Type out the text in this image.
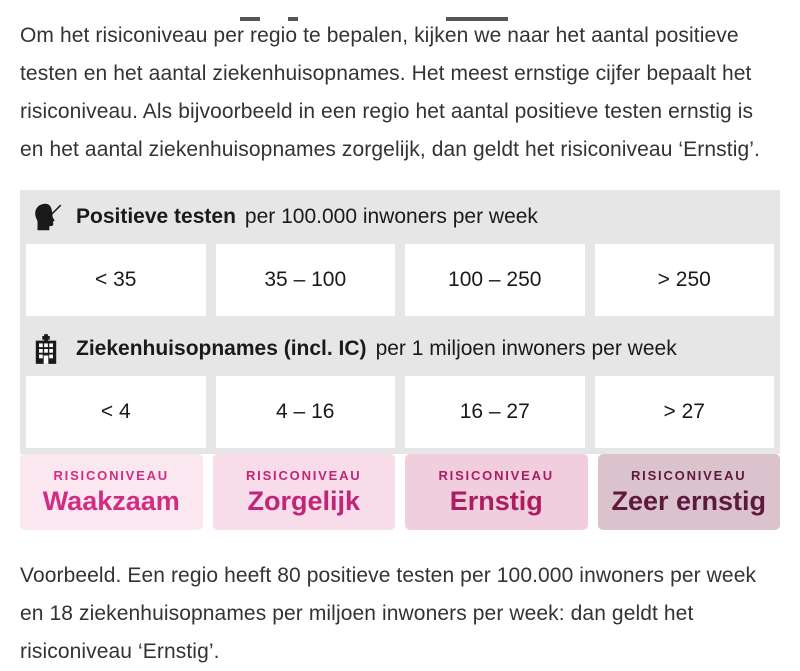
Om het risiconiveau per regio te bepalen, kijken we naar het aantal positieve testen en het aantal ziekenhuisopnames. Het meest ernstige cijfer bepaalt het risiconiveau. Als bijvoorbeeld in een regio het aantal positieve testen ernstig is en het aantal ziekenhuisopnames zorgelijk, dan geldt het risiconiveau ‘Ernstig’.

Positieve testen per 100.000 inwoners per week
< 35	35 – 100	100 – 250	> 250
Ziekenhuisopnames (incl. IC) per 1 miljoen inwoners per week
< 4	4 – 16	16 – 27	> 27
RISICONIVEAU
Waakzaam
RISICONIVEAU
Zorgelijk
RISICONIVEAU
Ernstig
RISICONIVEAU
Zeer ernstig

Voorbeeld. Een regio heeft 80 positieve testen per 100.000 inwoners per week en 18 ziekenhuisopnames per miljoen inwoners per week: dan geldt het risiconiveau ‘Ernstig’.
